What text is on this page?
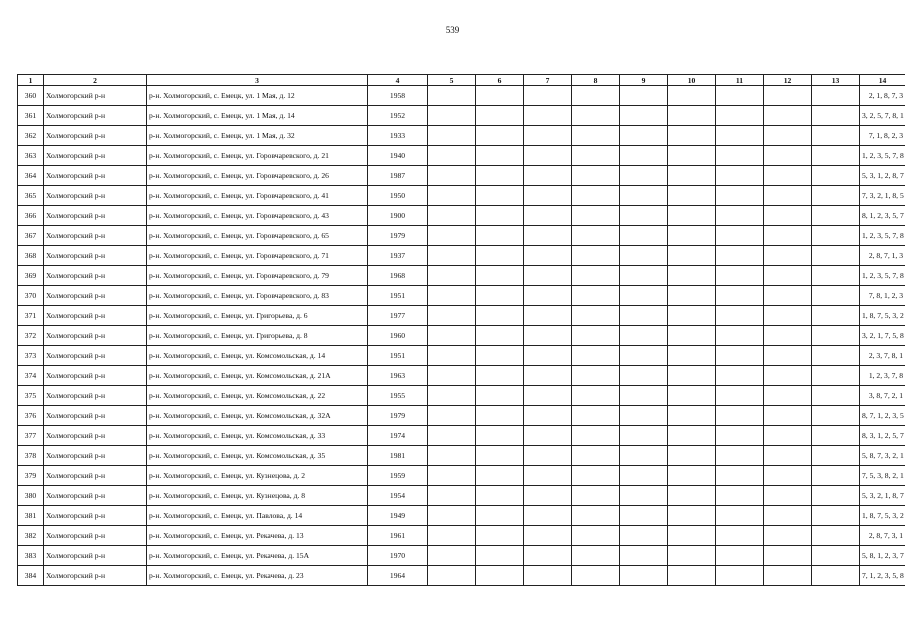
539
1	2	3	4	5	6	7	8	9	10	11	12	13	14
360	Холмогорский р-н	р-н. Холмогорский, с. Емецк, ул. 1 Мая, д. 12	1958										2, 1, 8, 7, 3
361	Холмогорский р-н	р-н. Холмогорский, с. Емецк, ул. 1 Мая, д. 14	1952										3, 2, 5, 7, 8, 1
362	Холмогорский р-н	р-н. Холмогорский, с. Емецк, ул. 1 Мая, д. 32	1933										7, 1, 8, 2, 3
363	Холмогорский р-н	р-н. Холмогорский, с. Емецк, ул. Горовчаревского, д. 21	1940										1, 2, 3, 5, 7, 8
364	Холмогорский р-н	р-н. Холмогорский, с. Емецк, ул. Горовчаревского, д. 26	1987										5, 3, 1, 2, 8, 7
365	Холмогорский р-н	р-н. Холмогорский, с. Емецк, ул. Горовчаревского, д. 41	1950										7, 3, 2, 1, 8, 5
366	Холмогорский р-н	р-н. Холмогорский, с. Емецк, ул. Горовчаревского, д. 43	1900										8, 1, 2, 3, 5, 7
367	Холмогорский р-н	р-н. Холмогорский, с. Емецк, ул. Горовчаревского, д. 65	1979										1, 2, 3, 5, 7, 8
368	Холмогорский р-н	р-н. Холмогорский, с. Емецк, ул. Горовчаревского, д. 71	1937										2, 8, 7, 1, 3
369	Холмогорский р-н	р-н. Холмогорский, с. Емецк, ул. Горовчаревского, д. 79	1968										1, 2, 3, 5, 7, 8
370	Холмогорский р-н	р-н. Холмогорский, с. Емецк, ул. Горовчаревского, д. 83	1951										7, 8, 1, 2, 3
371	Холмогорский р-н	р-н. Холмогорский, с. Емецк, ул. Григорьева, д. 6	1977										1, 8, 7, 5, 3, 2
372	Холмогорский р-н	р-н. Холмогорский, с. Емецк, ул. Григорьева, д. 8	1960										3, 2, 1, 7, 5, 8
373	Холмогорский р-н	р-н. Холмогорский, с. Емецк, ул. Комсомольская, д. 14	1951										2, 3, 7, 8, 1
374	Холмогорский р-н	р-н. Холмогорский, с. Емецк, ул. Комсомольская, д. 21А	1963										1, 2, 3, 7, 8
375	Холмогорский р-н	р-н. Холмогорский, с. Емецк, ул. Комсомольская, д. 22	1955										3, 8, 7, 2, 1
376	Холмогорский р-н	р-н. Холмогорский, с. Емецк, ул. Комсомольская, д. 32А	1979										8, 7, 1, 2, 3, 5
377	Холмогорский р-н	р-н. Холмогорский, с. Емецк, ул. Комсомольская, д. 33	1974										8, 3, 1, 2, 5, 7
378	Холмогорский р-н	р-н. Холмогорский, с. Емецк, ул. Комсомольская, д. 35	1981										5, 8, 7, 3, 2, 1
379	Холмогорский р-н	р-н. Холмогорский, с. Емецк, ул. Кузнецова, д. 2	1959										7, 5, 3, 8, 2, 1
380	Холмогорский р-н	р-н. Холмогорский, с. Емецк, ул. Кузнецова, д. 8	1954										5, 3, 2, 1, 8, 7
381	Холмогорский р-н	р-н. Холмогорский, с. Емецк, ул. Павлова, д. 14	1949										1, 8, 7, 5, 3, 2
382	Холмогорский р-н	р-н. Холмогорский, с. Емецк, ул. Рекачева, д. 13	1961										2, 8, 7, 3, 1
383	Холмогорский р-н	р-н. Холмогорский, с. Емецк, ул. Рекачева, д. 15А	1970										5, 8, 1, 2, 3, 7
384	Холмогорский р-н	р-н. Холмогорский, с. Емецк, ул. Рекачева, д. 23	1964										7, 1, 2, 3, 5, 8
